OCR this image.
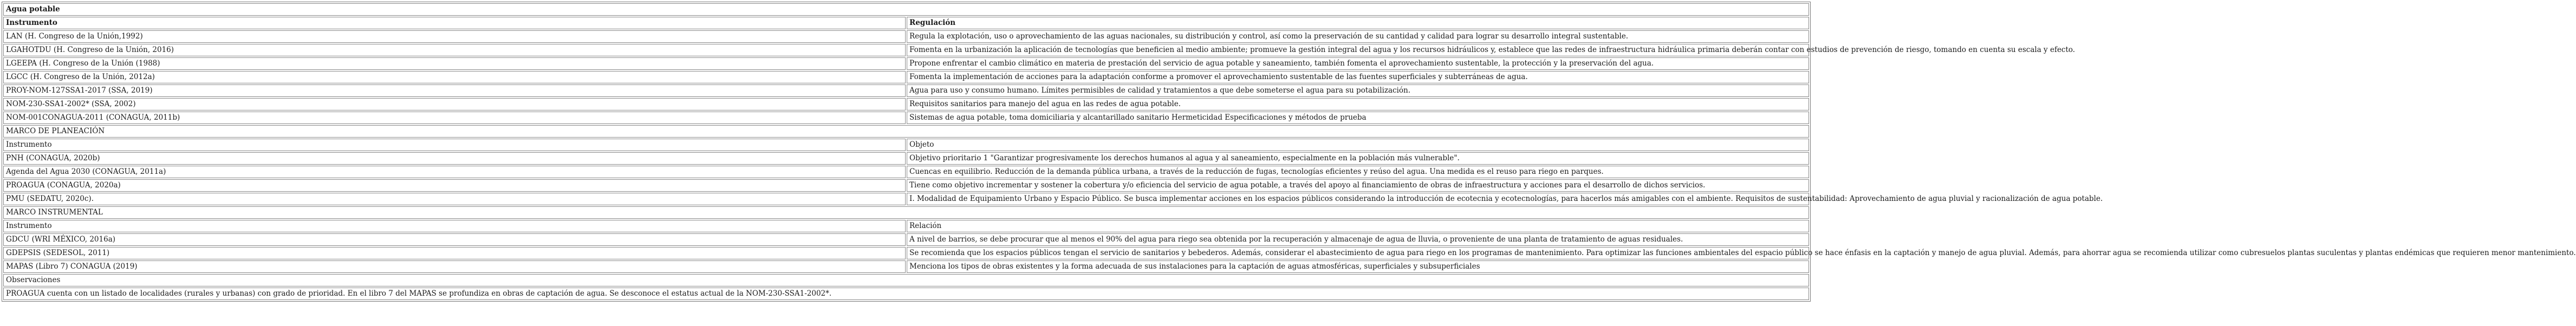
Agua potable	
Instrumento	Regulación
LAN (H. Congreso de la Unión,1992)	Regula la explotación, uso o aprovechamiento de las aguas nacionales, su distribución y control, así como la preservación de su cantidad y calidad para lograr su desarrollo integral sustentable.
LGAHOTDU (H. Congreso de la Unión, 2016)	Fomenta en la urbanización la aplicación de tecnologías que beneficien al medio ambiente; promueve la gestión integral del agua y los recursos hidráulicos y, establece que las redes de infraestructura hidráulica primaria deberán contar con estudios de prevención de riesgo, tomando en cuenta su escala y efecto.
LGEEPA (H. Congreso de la Unión (1988)	Propone enfrentar el cambio climático en materia de prestación del servicio de agua potable y saneamiento, también fomenta el aprovechamiento sustentable, la protección y la preservación del agua.
LGCC (H. Congreso de la Unión, 2012a)	Fomenta la implementación de acciones para la adaptación conforme a promover el aprovechamiento sustentable de las fuentes superficiales y subterráneas de agua.
PROY-NOM-127SSA1-2017 (SSA, 2019)	Agua para uso y consumo humano. Límites permisibles de calidad y tratamientos a que debe someterse el agua para su potabilización.
NOM-230-SSA1-2002* (SSA, 2002)	Requisitos sanitarios para manejo del agua en las redes de agua potable.
NOM-001CONAGUA-2011 (CONAGUA, 2011b)	Sistemas de agua potable, toma domiciliaria y alcantarillado sanitario Hermeticidad Especificaciones y métodos de prueba
MARCO DE PLANEACIÓN	
Instrumento	Objeto
PNH (CONAGUA, 2020b)	Objetivo prioritario 1 "Garantizar progresivamente los derechos humanos al agua y al saneamiento, especialmente en la población más vulnerable".
Agenda del Agua 2030 (CONAGUA, 2011a)	Cuencas en equilibrio. Reducción de la demanda pública urbana, a través de la reducción de fugas, tecnologías eficientes y reúso del agua. Una medida es el reuso para riego en parques.
PROAGUA (CONAGUA, 2020a)	Tiene como objetivo incrementar y sostener la cobertura y/o eficiencia del servicio de agua potable, a través del apoyo al financiamiento de obras de infraestructura y acciones para el desarrollo de dichos servicios.
PMU (SEDATU, 2020c).	I. Modalidad de Equipamiento Urbano y Espacio Público. Se busca implementar acciones en los espacios públicos considerando la introducción de ecotecnia y ecotecnologías, para hacerlos más amigables con el ambiente. Requisitos de sustentabilidad: Aprovechamiento de agua pluvial y racionalización de agua potable.
MARCO INSTRUMENTAL	
Instrumento	Relación
GDCU (WRI MÉXICO, 2016a)	A nivel de barrios, se debe procurar que al menos el 90% del agua para riego sea obtenida por la recuperación y almacenaje de agua de lluvia, o proveniente de una planta de tratamiento de aguas residuales.
GDEPSIS (SEDESOL, 2011)	Se recomienda que los espacios públicos tengan el servicio de sanitarios y bebederos. Además, considerar el abastecimiento de agua para riego en los programas de mantenimiento. Para optimizar las funciones ambientales del espacio público se hace énfasis en la captación y manejo de agua pluvial. Además, para ahorrar agua se recomienda utilizar como cubresuelos plantas suculentas y plantas endémicas que requieren menor mantenimiento.
MAPAS (Libro 7) CONAGUA (2019)	Menciona los tipos de obras existentes y la forma adecuada de sus instalaciones para la captación de aguas atmosféricas, superficiales y subsuperficiales
Observaciones	
PROAGUA cuenta con un listado de localidades (rurales y urbanas) con grado de prioridad. En el libro 7 del MAPAS se profundiza en obras de captación de agua. Se desconoce el estatus actual de la NOM-230-SSA1-2002*.	
